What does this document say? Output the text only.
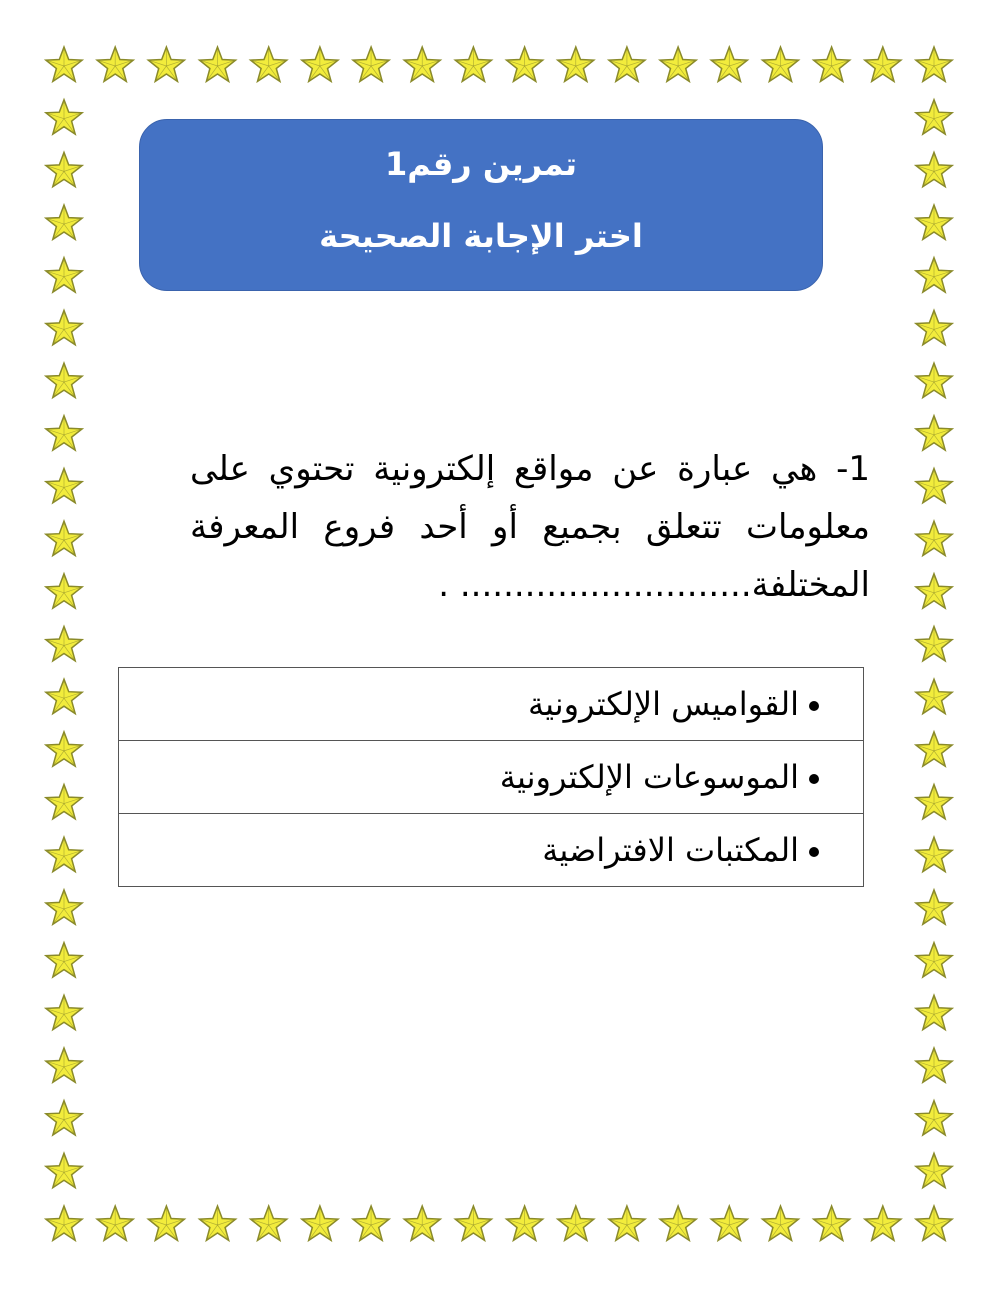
تمرين رقم1
اختر الإجابة الصحيحة
1- هي عبارة عن مواقع إلكترونية تحتوي على معلومات تتعلق بجميع أو أحد فروع المعرفة المختلفة........................... .
القواميس الإلكترونية
الموسوعات الإلكترونية
المكتبات الافتراضية
